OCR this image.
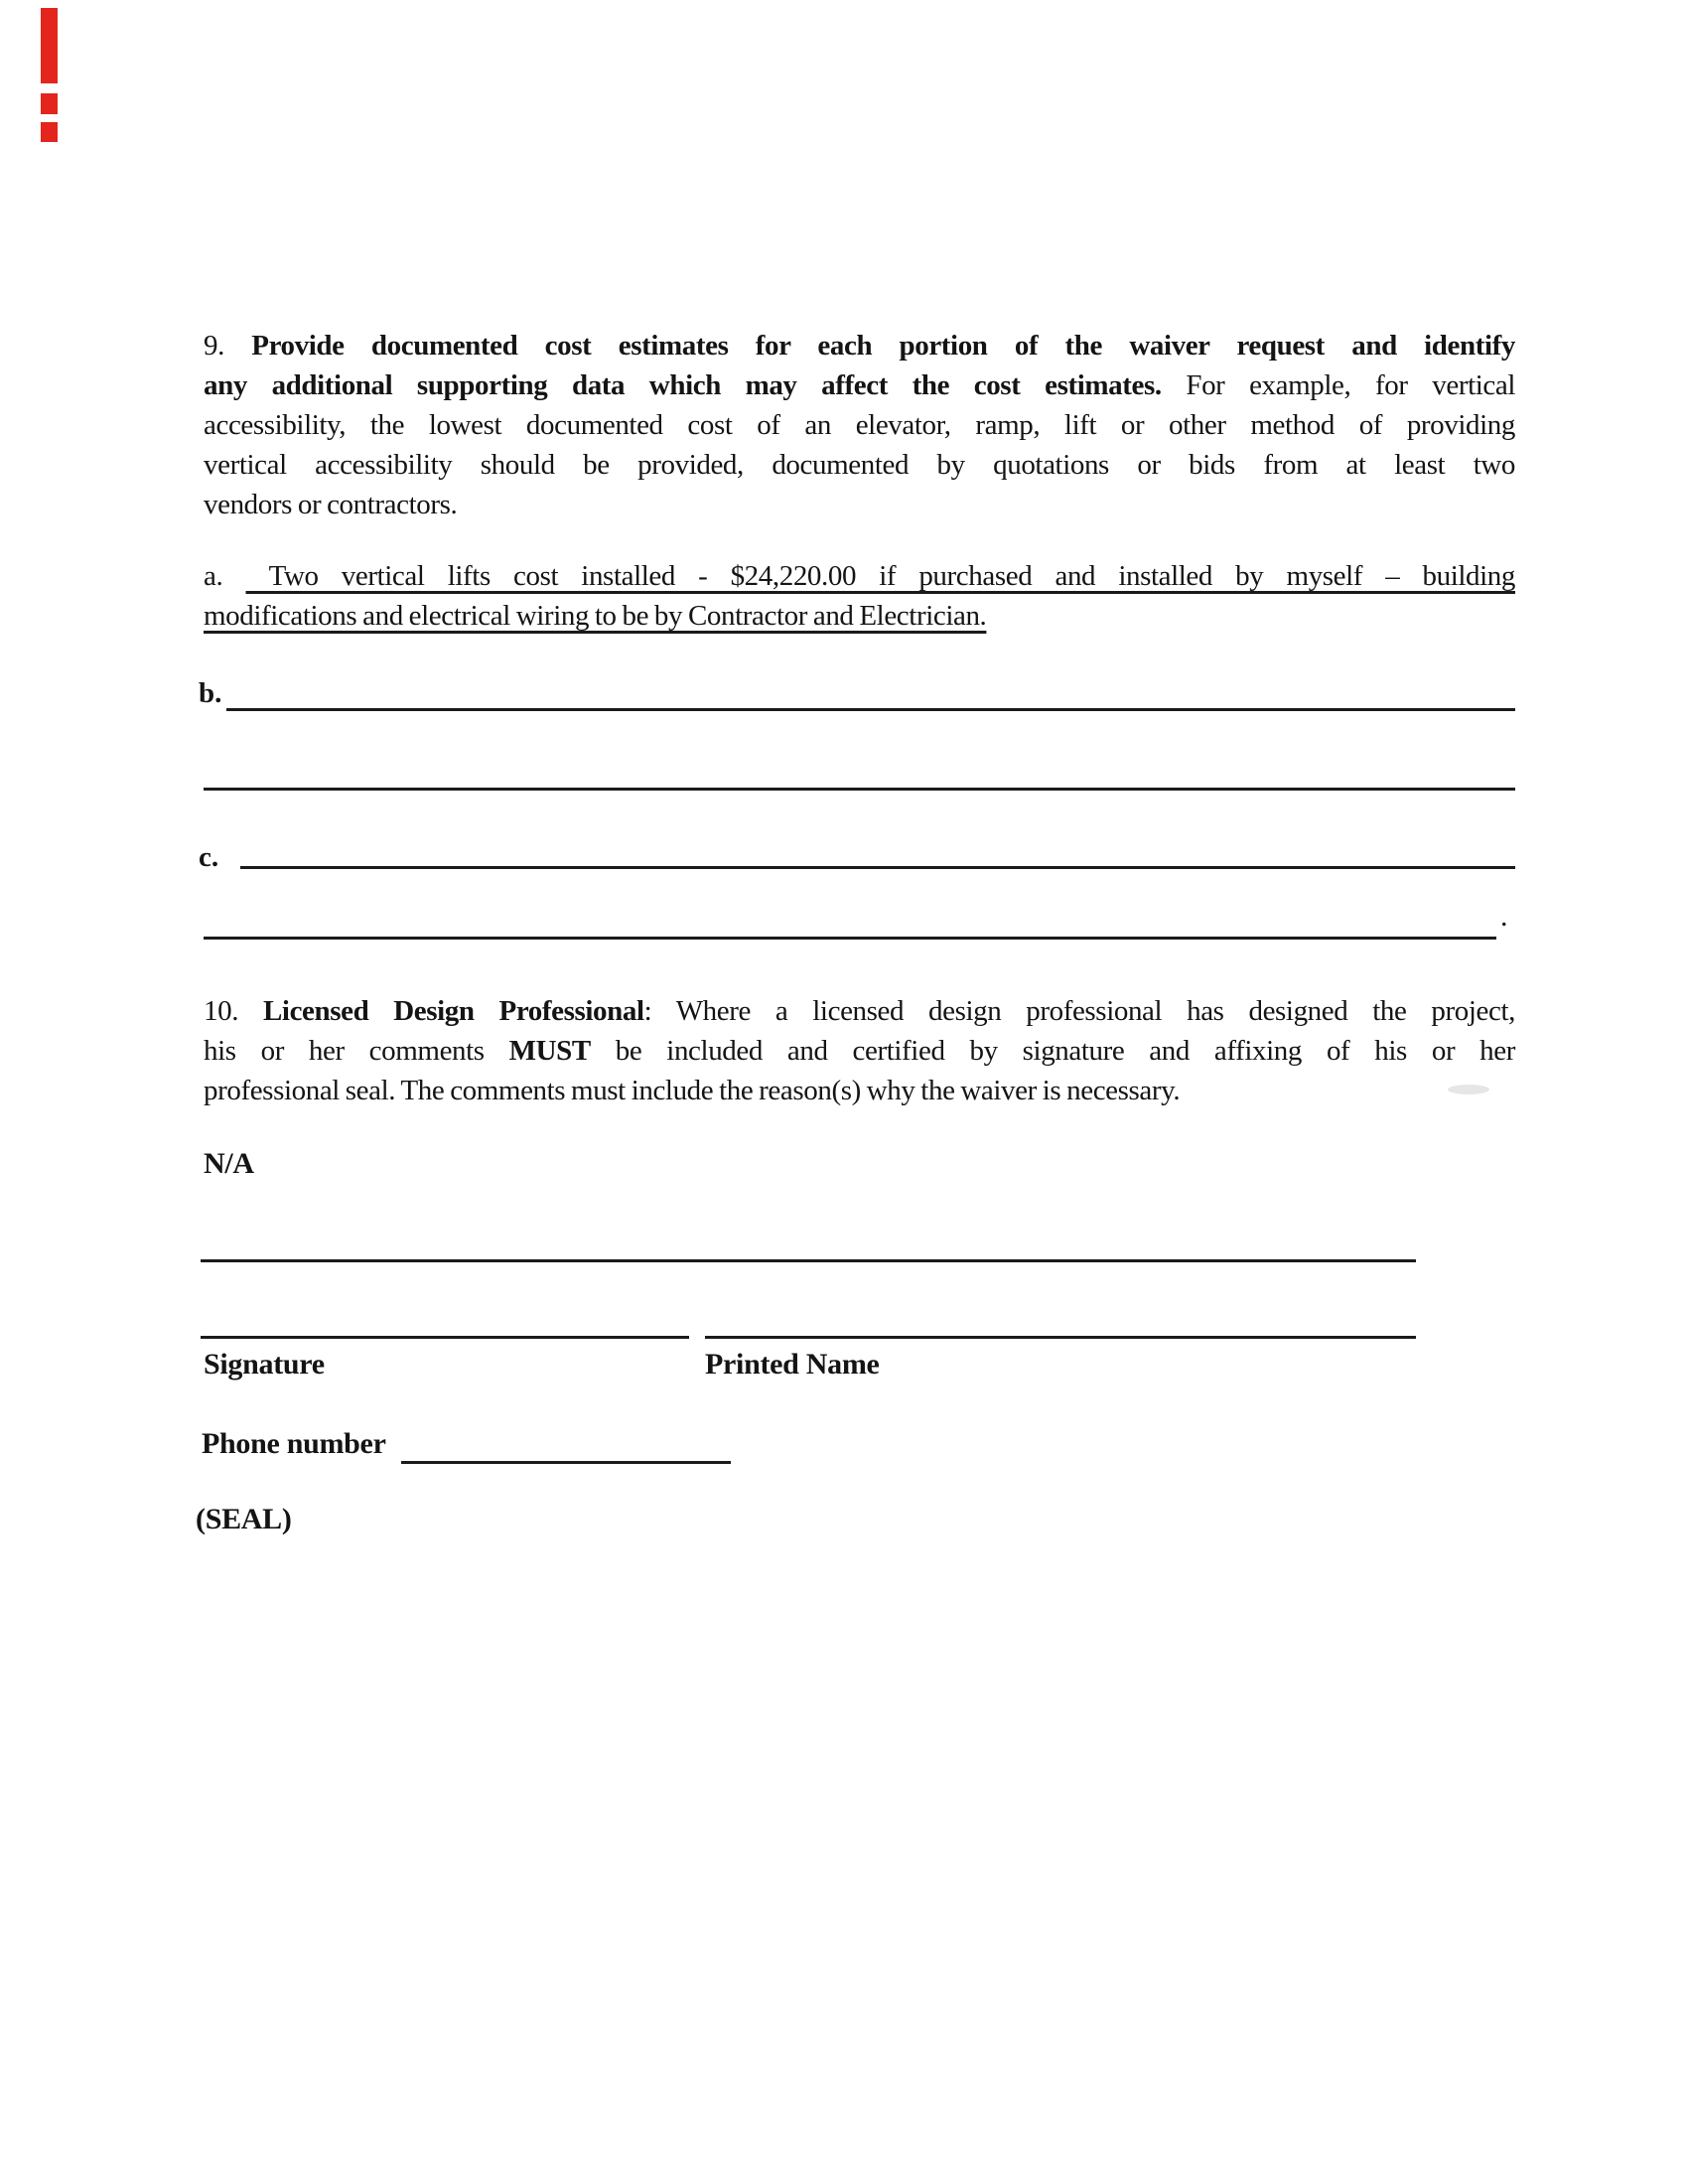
9. Provide documented cost estimates for each portion of the waiver request and identify
any additional supporting data which may affect the cost estimates. For example, for vertical
accessibility, the lowest documented cost of an elevator, ramp, lift or other method of providing
vertical accessibility should be provided, documented by quotations or bids from at least two
vendors or contractors.
a.  Two vertical lifts cost installed - $24,220.00 if purchased and installed by myself – building
modifications and electrical wiring to be by Contractor and Electrician.
b.
c.
.
10. Licensed Design Professional: Where a licensed design professional has designed the project,
his or her comments MUST be included and certified by signature and affixing of his or her
professional seal. The comments must include the reason(s) why the waiver is necessary.
N/A
Signature	Printed Name
Phone number
(SEAL)
